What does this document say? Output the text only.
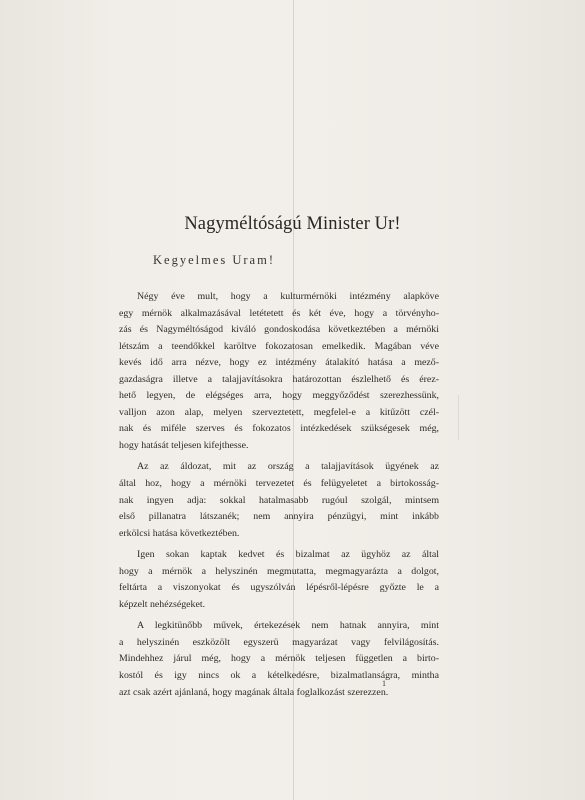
Nagyméltóságú Minister Ur!
Kegyelmes Uram!

Négy éve mult, hogy a kulturmérnöki intézmény alapköve
egy mérnök alkalmazásával letétetett és két éve, hogy a törvényho-
zás és Nagyméltóságod kiváló gondoskodása következtében a mérnöki
létszám a teendőkkel karöltve fokozatosan emelkedik. Magában véve
kevés idő arra nézve, hogy ez intézmény átalakító hatása a mező-
gazdaságra illetve a talajjavításokra határozottan észlelhető és érez-
hető legyen, de elégséges arra, hogy meggyőződést szerezhessünk,
valljon azon alap, melyen szerveztetett, megfelel-e a kitűzött czél-
nak és miféle szerves és fokozatos intézkedések szükségesek még,
hogy hatását teljesen kifejthesse.

Az az áldozat, mit az ország a talajjavítások ügyének az
által hoz, hogy a mérnöki tervezetet és felügyeletet a birtokosság-
nak ingyen adja: sokkal hatalmasabb rugóul szolgál, mintsem
első pillanatra látszanék; nem annyira pénzügyi, mint inkább
erkölcsi hatása következtében.

Igen sokan kaptak kedvet és bizalmat az ügyhöz az által
hogy a mérnök a helyszinén megmutatta, megmagyarázta a dolgot,
feltárta a viszonyokat és ugyszólván lépésről-lépésre győzte le a
képzelt nehézségeket.

A legkitünőbb művek, értekezések nem hatnak annyira, mint
a helyszinén eszközölt egyszerü magyarázat vagy felvilágosítás.
Mindehhez járul még, hogy a mérnök teljesen független a birto-
kostól és igy nincs ok a kételkedésre, bizalmatlanságra, mintha
azt csak azért ajánlaná, hogy magának általa foglalkozást szerezzen.

1
